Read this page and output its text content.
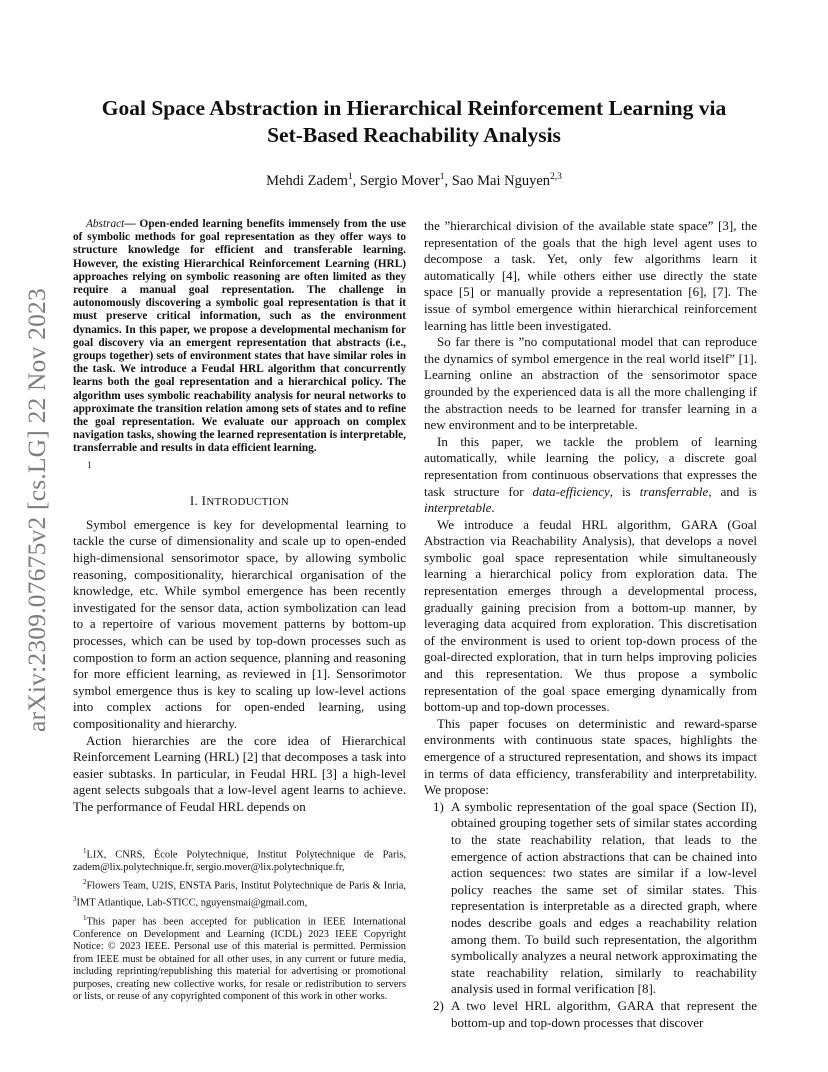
arXiv:2309.07675v2 [cs.LG] 22 Nov 2023
Goal Space Abstraction in Hierarchical Reinforcement Learning via
Set-Based Reachability Analysis
Mehdi Zadem$^1$, Sergio Mover$^1$, Sao Mai Nguyen$^{2,3}$

Abstract— Open-ended learning benefits immensely from the use of symbolic methods for goal representation as they offer ways to structure knowledge for efficient and transferable learning. However, the existing Hierarchical Reinforcement Learning (HRL) approaches relying on symbolic reasoning are often limited as they require a manual goal representation. The challenge in autonomously discovering a symbolic goal representation is that it must preserve critical information, such as the environment dynamics. In this paper, we propose a developmental mechanism for goal discovery via an emergent representation that abstracts (i.e., groups together) sets of environment states that have similar roles in the task. We introduce a Feudal HRL algorithm that concurrently learns both the goal representation and a hierarchical policy. The algorithm uses symbolic reachability analysis for neural networks to approximate the transition relation among sets of states and to refine the goal representation. We evaluate our approach on complex navigation tasks, showing the learned representation is interpretable, transferrable and results in data efficient learning.

1
I. INTRODUCTION

Symbol emergence is key for developmental learning to tackle the curse of dimensionality and scale up to open-ended high-dimensional sensorimotor space, by allowing symbolic reasoning, compositionality, hierarchical organisation of the knowledge, etc. While symbol emergence has been recently investigated for the sensor data, action symbolization can lead to a repertoire of various movement patterns by bottom-up processes, which can be used by top-down processes such as compostion to form an action sequence, planning and reasoning for more efficient learning, as reviewed in [1]. Sensorimotor symbol emergence thus is key to scaling up low-level actions into complex actions for open-ended learning, using compositionality and hierarchy.

Action hierarchies are the core idea of Hierarchical Reinforcement Learning (HRL) [2] that decomposes a task into easier subtasks. In particular, in Feudal HRL [3] a high-level agent selects subgoals that a low-level agent learns to achieve. The performance of Feudal HRL depends on

$^1$LIX, CNRS, École Polytechnique, Institut Polytechnique de Paris, zadem@lix.polytechnique.fr, sergio.mover@lix.polytechnique.fr,

$^2$Flowers Team, U2IS, ENSTA Paris, Institut Polytechnique de Paris & Inria, $^3$IMT Atlantique, Lab-STICC, nguyensmai@gmail.com,

$^1$This paper has been accepted for publication in IEEE International Conference on Development and Learning (ICDL) 2023 IEEE Copyright Notice: © 2023 IEEE. Personal use of this material is permitted. Permission from IEEE must be obtained for all other uses, in any current or future media, including reprinting/republishing this material for advertising or promotional purposes, creating new collective works, for resale or redistribution to servers or lists, or reuse of any copyrighted component of this work in other works.

the ”hierarchical division of the available state space” [3], the representation of the goals that the high level agent uses to decompose a task. Yet, only few algorithms learn it automatically [4], while others either use directly the state space [5] or manually provide a representation [6], [7]. The issue of symbol emergence within hierarchical reinforcement learning has little been investigated.

So far there is ”no computational model that can reproduce the dynamics of symbol emergence in the real world itself” [1]. Learning online an abstraction of the sensorimotor space grounded by the experienced data is all the more challenging if the abstraction needs to be learned for transfer learning in a new environment and to be interpretable.

In this paper, we tackle the problem of learning automatically, while learning the policy, a discrete goal representation from continuous observations that expresses the task structure for data-efficiency, is transferrable, and is interpretable.

We introduce a feudal HRL algorithm, GARA (Goal Abstraction via Reachability Analysis), that develops a novel symbolic goal space representation while simultaneously learning a hierarchical policy from exploration data. The representation emerges through a developmental process, gradually gaining precision from a bottom-up manner, by leveraging data acquired from exploration. This discretisation of the environment is used to orient top-down process of the goal-directed exploration, that in turn helps improving policies and this representation. We thus propose a symbolic representation of the goal space emerging dynamically from bottom-up and top-down processes.

This paper focuses on deterministic and reward-sparse environments with continuous state spaces, highlights the emergence of a structured representation, and shows its impact in terms of data efficiency, transferability and interpretability. We propose:

1) A symbolic representation of the goal space (Section II), obtained grouping together sets of similar states according to the state reachability relation, that leads to the emergence of action abstractions that can be chained into action sequences: two states are similar if a low-level policy reaches the same set of similar states. This representation is interpretable as a directed graph, where nodes describe goals and edges a reachability relation among them. To build such representation, the algorithm symbolically analyzes a neural network approximating the state reachability relation, similarly to reachability analysis used in formal verification [8].
2) A two level HRL algorithm, GARA that represent the bottom-up and top-down processes that discover
